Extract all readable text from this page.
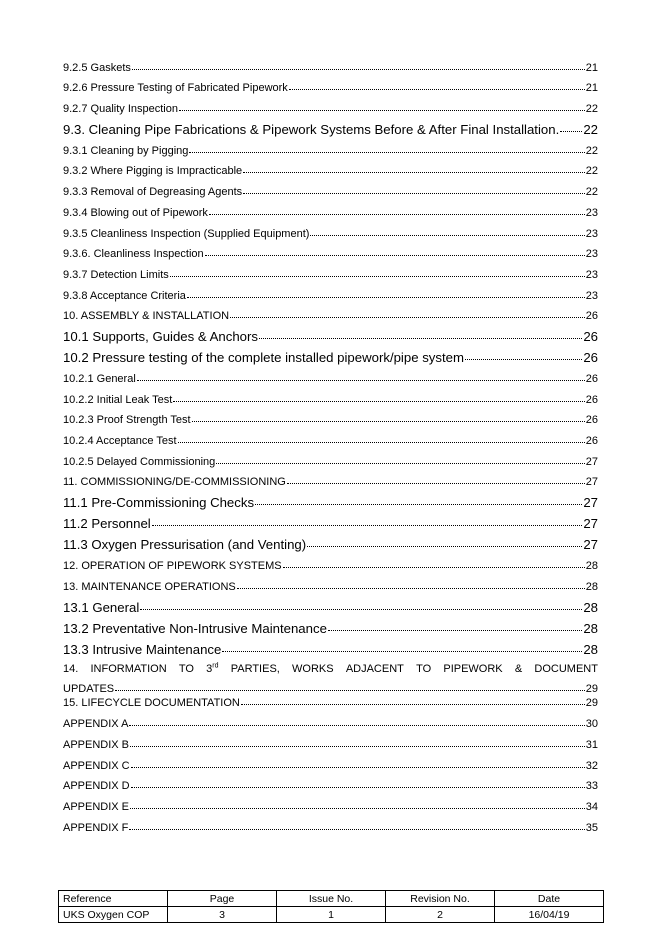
9.2.5 Gaskets	21
9.2.6 Pressure Testing of Fabricated Pipework	21
9.2.7 Quality Inspection	22
9.3. Cleaning Pipe Fabrications & Pipework Systems Before & After Final Installation. 22
9.3.1 Cleaning by Pigging	22
9.3.2 Where Pigging is Impracticable	22
9.3.3 Removal of Degreasing Agents	22
9.3.4 Blowing out of Pipework	23
9.3.5 Cleanliness Inspection (Supplied Equipment)	23
9.3.6. Cleanliness Inspection	23
9.3.7 Detection Limits	23
9.3.8 Acceptance Criteria	23
10. ASSEMBLY & INSTALLATION	26
10.1 Supports, Guides & Anchors	26
10.2 Pressure testing of the complete installed pipework/pipe system	26
10.2.1 General	26
10.2.2 Initial Leak Test	26
10.2.3 Proof Strength Test	26
10.2.4 Acceptance Test	26
10.2.5 Delayed Commissioning	27
11. COMMISSIONING/DE-COMMISSIONING	27
11.1 Pre-Commissioning Checks	27
11.2 Personnel	27
11.3 Oxygen Pressurisation (and Venting)	27
12. OPERATION OF PIPEWORK SYSTEMS	28
13. MAINTENANCE OPERATIONS	28
13.1 General	28
13.2 Preventative Non-Intrusive Maintenance	28
13.3 Intrusive Maintenance	28
14. INFORMATION TO 3rd PARTIES, WORKS ADJACENT TO PIPEWORK & DOCUMENT
UPDATES	29
15. LIFECYCLE DOCUMENTATION	29
APPENDIX A	30
APPENDIX B	31
APPENDIX C	32
APPENDIX D	33
APPENDIX E	34
APPENDIX F	35
Reference	Page	Issue No.	Revision No.	Date
UKS Oxygen COP	3	1	2	16/04/19
